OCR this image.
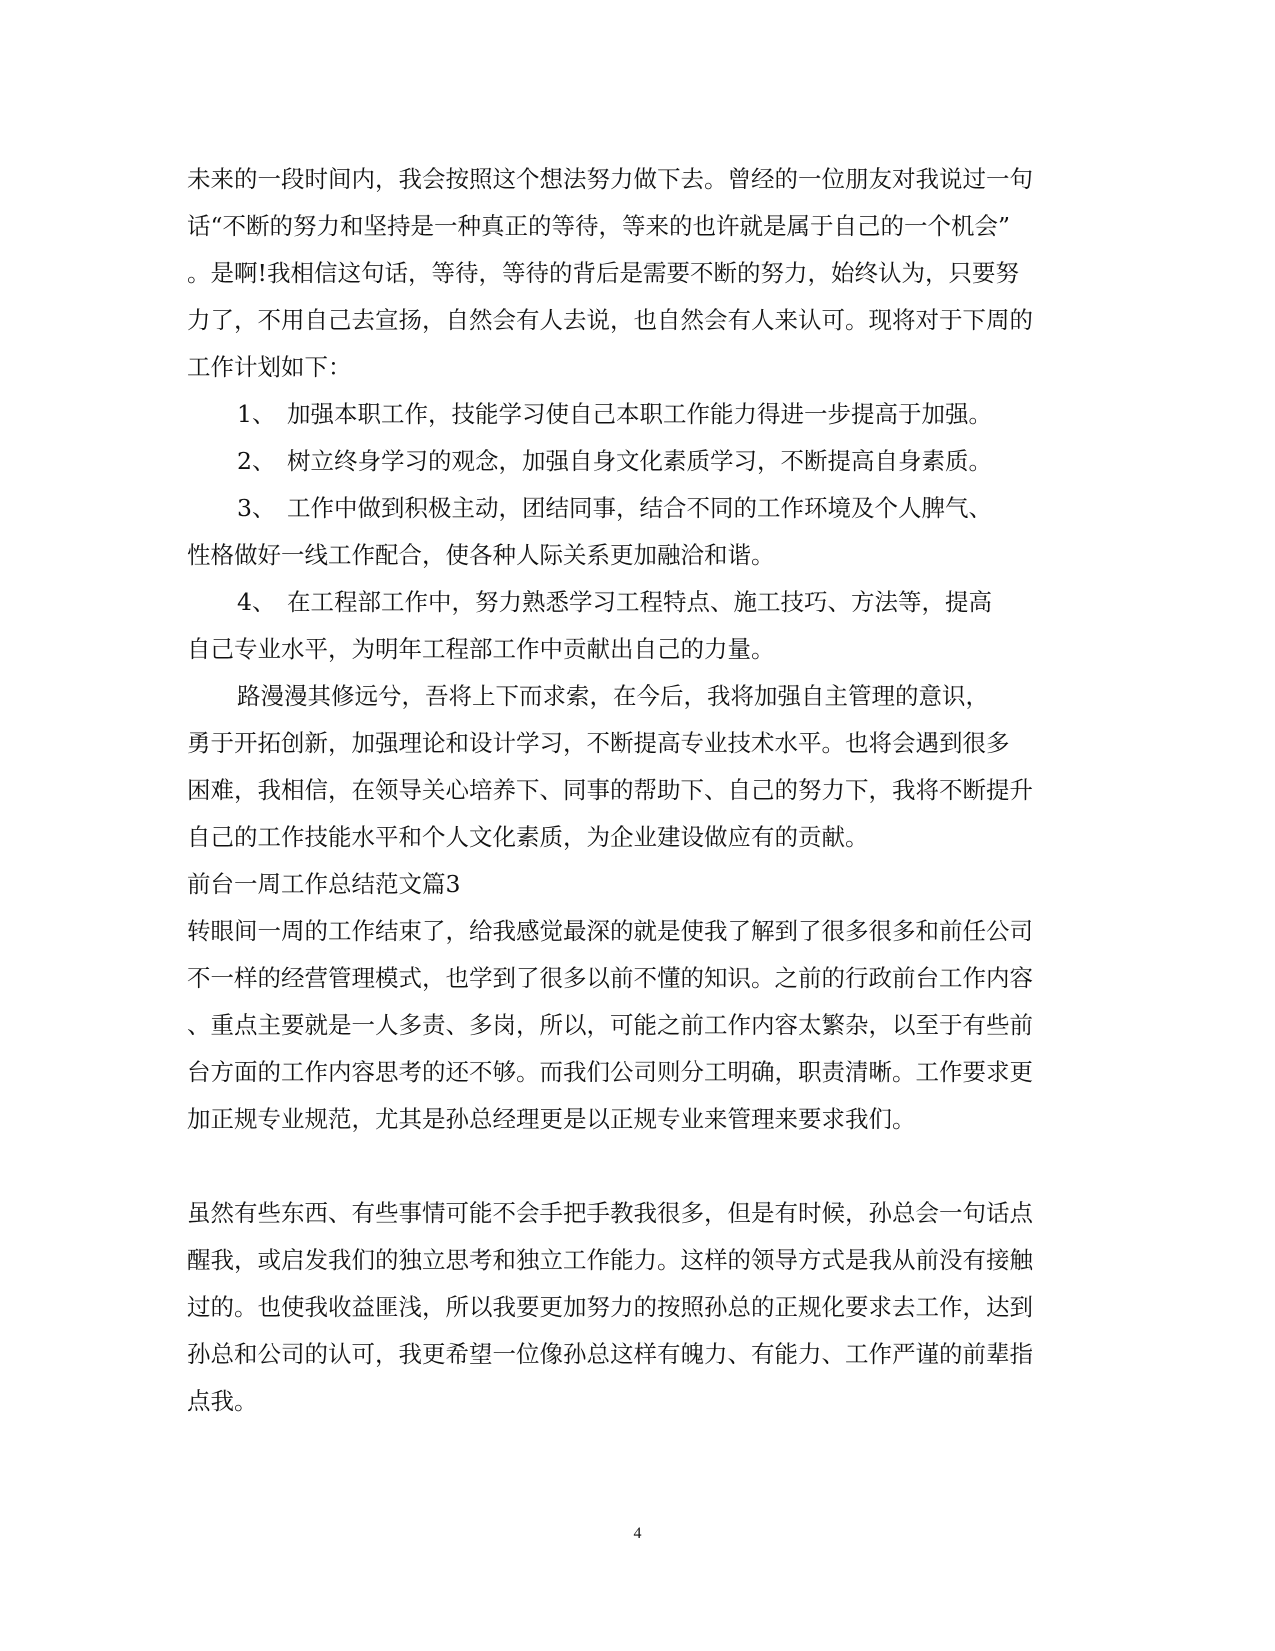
未来的一段时间内，我会按照这个想法努力做下去。曾经的一位朋友对我说过一句
话“不断的努力和坚持是一种真正的等待，等来的也许就是属于自己的一个机会”
。是啊!我相信这句话，等待，等待的背后是需要不断的努力，始终认为，只要努
力了，不用自己去宣扬，自然会有人去说，也自然会有人来认可。现将对于下周的
工作计划如下：
1、 加强本职工作，技能学习使自己本职工作能力得进一步提高于加强。
2、 树立终身学习的观念，加强自身文化素质学习，不断提高自身素质。
3、 工作中做到积极主动，团结同事，结合不同的工作环境及个人脾气、
性格做好一线工作配合，使各种人际关系更加融洽和谐。
4、 在工程部工作中，努力熟悉学习工程特点、施工技巧、方法等，提高
自己专业水平，为明年工程部工作中贡献出自己的力量。
路漫漫其修远兮，吾将上下而求索，在今后，我将加强自主管理的意识，
勇于开拓创新，加强理论和设计学习，不断提高专业技术水平。也将会遇到很多
困难，我相信，在领导关心培养下、同事的帮助下、自己的努力下，我将不断提升
自己的工作技能水平和个人文化素质，为企业建设做应有的贡献。
前台一周工作总结范文篇3
转眼间一周的工作结束了，给我感觉最深的就是使我了解到了很多很多和前任公司
不一样的经营管理模式，也学到了很多以前不懂的知识。之前的行政前台工作内容
、重点主要就是一人多责、多岗，所以，可能之前工作内容太繁杂，以至于有些前
台方面的工作内容思考的还不够。而我们公司则分工明确，职责清晰。工作要求更
加正规专业规范，尤其是孙总经理更是以正规专业来管理来要求我们。
虽然有些东西、有些事情可能不会手把手教我很多，但是有时候，孙总会一句话点
醒我，或启发我们的独立思考和独立工作能力。这样的领导方式是我从前没有接触
过的。也使我收益匪浅，所以我要更加努力的按照孙总的正规化要求去工作，达到
孙总和公司的认可，我更希望一位像孙总这样有魄力、有能力、工作严谨的前辈指
点我。
4
